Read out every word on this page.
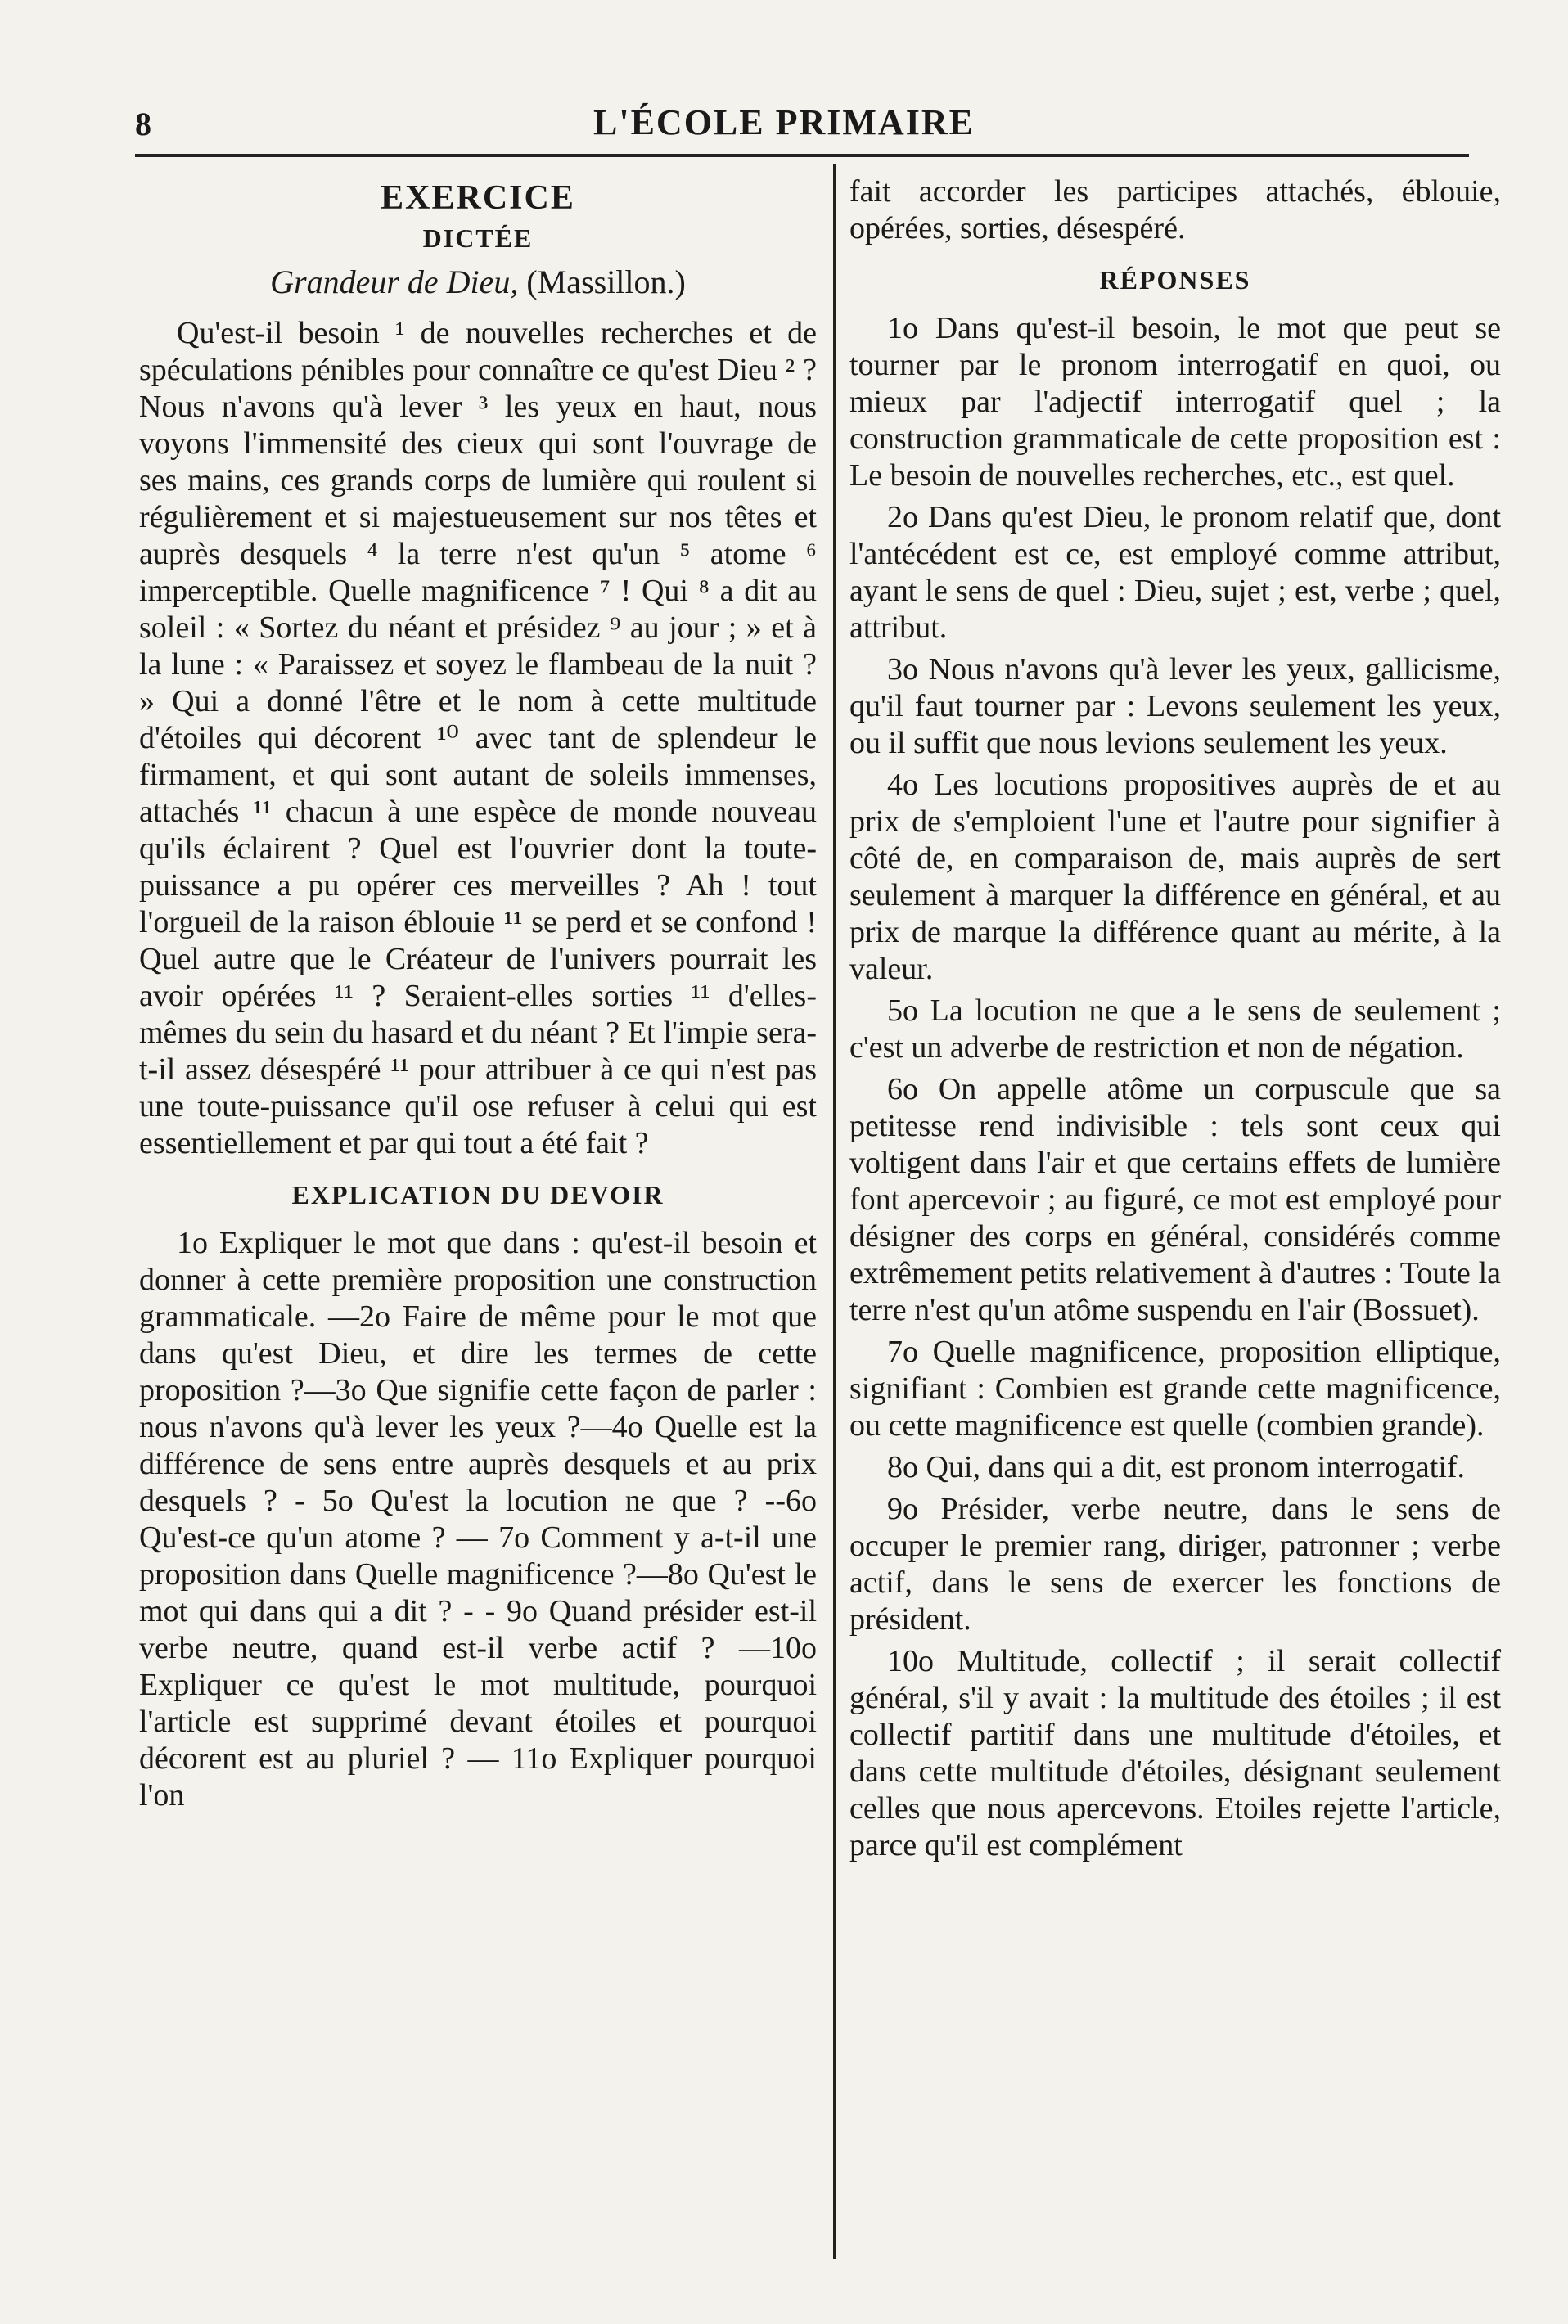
8	L'ÉCOLE PRIMAIRE
EXERCICE
DICTÉE
Grandeur de Dieu, (Massillon.)

Qu'est-il besoin ¹ de nouvelles recherches et de spéculations pénibles pour connaître ce qu'est Dieu ² ? Nous n'avons qu'à lever ³ les yeux en haut, nous voyons l'immensité des cieux qui sont l'ouvrage de ses mains, ces grands corps de lumière qui roulent si régulièrement et si majestueusement sur nos têtes et auprès desquels ⁴ la terre n'est qu'un ⁵ atome ⁶ imperceptible. Quelle magnificence ⁷ ! Qui ⁸ a dit au soleil : « Sortez du néant et présidez ⁹ au jour ; » et à la lune : « Paraissez et soyez le flambeau de la nuit ? » Qui a donné l'être et le nom à cette multitude d'étoiles qui décorent ¹⁰ avec tant de splendeur le firmament, et qui sont autant de soleils immenses, attachés ¹¹ chacun à une espèce de monde nouveau qu'ils éclairent ? Quel est l'ouvrier dont la toute-puissance a pu opérer ces merveilles ? Ah ! tout l'orgueil de la raison éblouie ¹¹ se perd et se confond ! Quel autre que le Créateur de l'univers pourrait les avoir opérées ¹¹ ? Seraient-elles sorties ¹¹ d'elles-mêmes du sein du hasard et du néant ? Et l'impie sera-t-il assez désespéré ¹¹ pour attribuer à ce qui n'est pas une toute-puissance qu'il ose refuser à celui qui est essentiellement et par qui tout a été fait ?

EXPLICATION DU DEVOIR

1o Expliquer le mot que dans : qu'est-il besoin et donner à cette première proposition une construction grammaticale. —2o Faire de même pour le mot que dans qu'est Dieu, et dire les termes de cette proposition ?—3o Que signifie cette façon de parler : nous n'avons qu'à lever les yeux ?—4o Quelle est la différence de sens entre auprès desquels et au prix desquels ? - 5o Qu'est la locution ne que ? --6o Qu'est-ce qu'un atome ? — 7o Comment y a-t-il une proposition dans Quelle magnificence ?—8o Qu'est le mot qui dans qui a dit ? - - 9o Quand présider est-il verbe neutre, quand est-il verbe actif ? —10o Expliquer ce qu'est le mot multitude, pourquoi l'article est supprimé devant étoiles et pourquoi décorent est au pluriel ? — 11o Expliquer pourquoi l'on

fait accorder les participes attachés, éblouie, opérées, sorties, désespéré.

RÉPONSES

1o Dans qu'est-il besoin, le mot que peut se tourner par le pronom interrogatif en quoi, ou mieux par l'adjectif interrogatif quel ; la construction grammaticale de cette proposition est : Le besoin de nouvelles recherches, etc., est quel.

2o Dans qu'est Dieu, le pronom relatif que, dont l'antécédent est ce, est employé comme attribut, ayant le sens de quel : Dieu, sujet ; est, verbe ; quel, attribut.

3o Nous n'avons qu'à lever les yeux, gallicisme, qu'il faut tourner par : Levons seulement les yeux, ou il suffit que nous levions seulement les yeux.

4o Les locutions propositives auprès de et au prix de s'emploient l'une et l'autre pour signifier à côté de, en comparaison de, mais auprès de sert seulement à marquer la différence en général, et au prix de marque la différence quant au mérite, à la valeur.

5o La locution ne que a le sens de seulement ; c'est un adverbe de restriction et non de négation.

6o On appelle atôme un corpuscule que sa petitesse rend indivisible : tels sont ceux qui voltigent dans l'air et que certains effets de lumière font apercevoir ; au figuré, ce mot est employé pour désigner des corps en général, considérés comme extrêmement petits relativement à d'autres : Toute la terre n'est qu'un atôme suspendu en l'air (Bossuet).

7o Quelle magnificence, proposition elliptique, signifiant : Combien est grande cette magnificence, ou cette magnificence est quelle (combien grande).

8o Qui, dans qui a dit, est pronom interrogatif.

9o Présider, verbe neutre, dans le sens de occuper le premier rang, diriger, patronner ; verbe actif, dans le sens de exercer les fonctions de président.

10o Multitude, collectif ; il serait collectif général, s'il y avait : la multitude des étoiles ; il est collectif partitif dans une multitude d'étoiles, et dans cette multitude d'étoiles, désignant seulement celles que nous apercevons. Etoiles rejette l'article, parce qu'il est complément
